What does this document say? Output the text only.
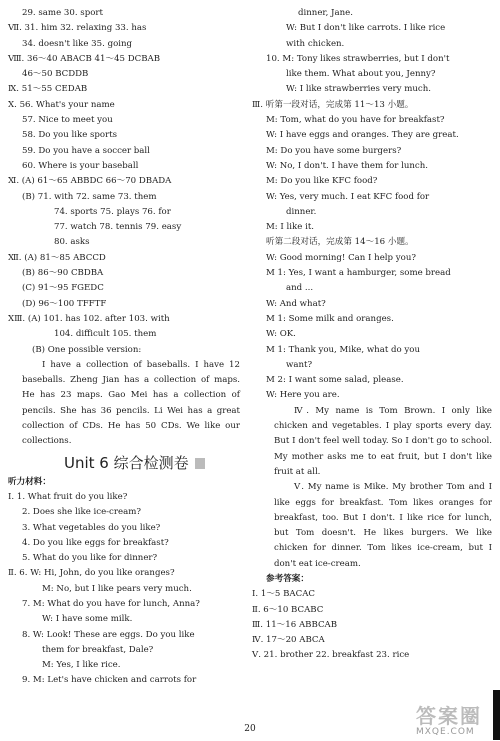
29. same 30. sport
Ⅶ. 31. him 32. relaxing 33. has
34. doesn't like 35. going
Ⅷ. 36～40 ABACB 41～45 DCBAB
46～50 BCDDB
Ⅸ. 51～55 CEDAB
Ⅹ. 56. What's your name
57. Nice to meet you
58. Do you like sports
59. Do you have a soccer ball
60. Where is your baseball
Ⅺ. (A) 61～65 ABBDC 66～70 DBADA
(B) 71. with 72. same 73. them
74. sports 75. plays 76. for
77. watch 78. tennis 79. easy
80. asks
Ⅻ. (A) 81～85 ABCCD
(B) 86～90 CBDBA
(C) 91～95 FGEDC
(D) 96～100 TFFTF
ⅩⅢ. (A) 101. has 102. after 103. with
104. difficult 105. them
(B) One possible version:
I have a collection of baseballs. I have 12 baseballs. Zheng Jian has a collection of maps. He has 23 maps. Gao Mei has a collection of pencils. She has 36 pencils. Li Wei has a great collection of CDs. He has 50 CDs. We like our collections.
Unit 6 综合检测卷
听力材料：
Ⅰ. 1. What fruit do you like?
2. Does she like ice-cream?
3. What vegetables do you like?
4. Do you like eggs for breakfast?
5. What do you like for dinner?
Ⅱ. 6. W: Hi, John, do you like oranges?
M: No, but I like pears very much.
7. M: What do you have for lunch, Anna?
W: I have some milk.
8. W: Look! These are eggs. Do you like
them for breakfast, Dale?
M: Yes, I like rice.
9. M: Let's have chicken and carrots for
dinner, Jane.
W: But I don't like carrots. I like rice
with chicken.
10. M: Tony likes strawberries, but I don't
like them. What about you, Jenny?
W: I like strawberries very much.
Ⅲ. 听第一段对话，完成第 11～13 小题。
M: Tom, what do you have for breakfast?
W: I have eggs and oranges. They are great.
M: Do you have some burgers?
W: No, I don't. I have them for lunch.
M: Do you like KFC food?
W: Yes, very much. I eat KFC food for
dinner.
M: I like it.
听第二段对话，完成第 14～16 小题。
W: Good morning! Can I help you?
M 1: Yes, I want a hamburger, some bread
and ...
W: And what?
M 1: Some milk and oranges.
W: OK.
M 1: Thank you, Mike, what do you
want?
M 2: I want some salad, please.
W: Here you are.
Ⅳ. My name is Tom Brown. I only like chicken and vegetables. I play sports every day. But I don't feel well today. So I don't go to school. My mother asks me to eat fruit, but I don't like fruit at all.
Ⅴ. My name is Mike. My brother Tom and I like eggs for breakfast. Tom likes oranges for breakfast, too. But I don't. I like rice for lunch, but Tom doesn't. He likes burgers. We like chicken for dinner. Tom likes ice-cream, but I don't eat ice-cream.
参考答案：
Ⅰ. 1～5 BACAC
Ⅱ. 6～10 BCABC
Ⅲ. 11～16 ABBCAB
Ⅳ. 17～20 ABCA
Ⅴ. 21. brother 22. breakfast 23. rice
20
答案圈
MXQE.COM
